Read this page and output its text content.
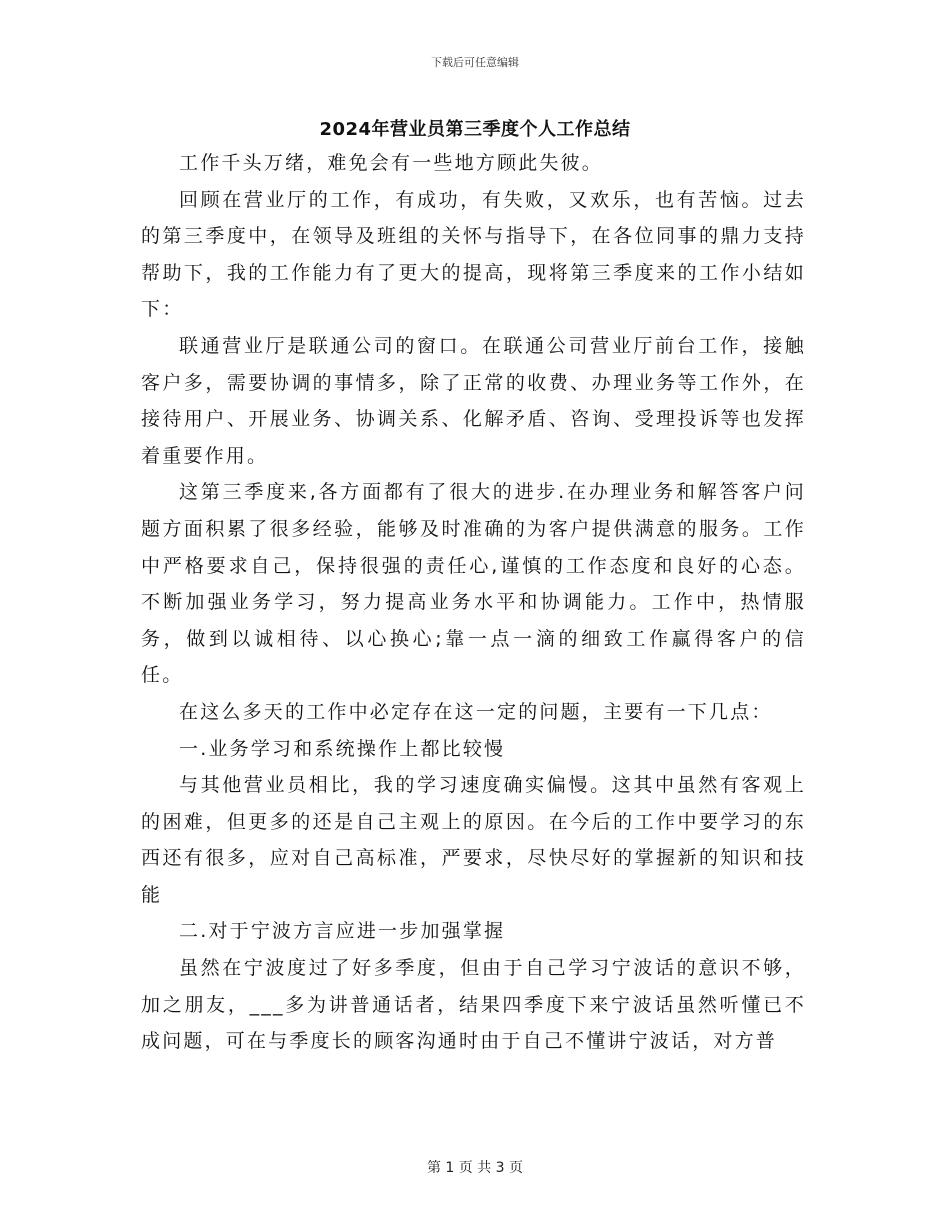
下载后可任意编辑
2024年营业员第三季度个人工作总结

工作千头万绪，难免会有一些地方顾此失彼。

回顾在营业厅的工作，有成功，有失败，又欢乐，也有苦恼。过去的第三季度中，在领导及班组的关怀与指导下，在各位同事的鼎力支持帮助下，我的工作能力有了更大的提高，现将第三季度来的工作小结如下：

联通营业厅是联通公司的窗口。在联通公司营业厅前台工作，接触客户多，需要协调的事情多，除了正常的收费、办理业务等工作外，在接待用户、开展业务、协调关系、化解矛盾、咨询、受理投诉等也发挥着重要作用。

这第三季度来,各方面都有了很大的进步.在办理业务和解答客户问题方面积累了很多经验，能够及时准确的为客户提供满意的服务。工作中严格要求自己，保持很强的责任心,谨慎的工作态度和良好的心态。不断加强业务学习，努力提高业务水平和协调能力。工作中，热情服务，做到以诚相待、以心换心;靠一点一滴的细致工作赢得客户的信任。

在这么多天的工作中必定存在这一定的问题，主要有一下几点：

一.业务学习和系统操作上都比较慢

与其他营业员相比，我的学习速度确实偏慢。这其中虽然有客观上的困难，但更多的还是自己主观上的原因。在今后的工作中要学习的东西还有很多，应对自己高标准，严要求，尽快尽好的掌握新的知识和技能

二.对于宁波方言应进一步加强掌握

虽然在宁波度过了好多季度，但由于自己学习宁波话的意识不够，加之朋友，___多为讲普通话者，结果四季度下来宁波话虽然听懂已不成问题，可在与季度长的顾客沟通时由于自己不懂讲宁波话，对方普

第 1 页 共 3 页
